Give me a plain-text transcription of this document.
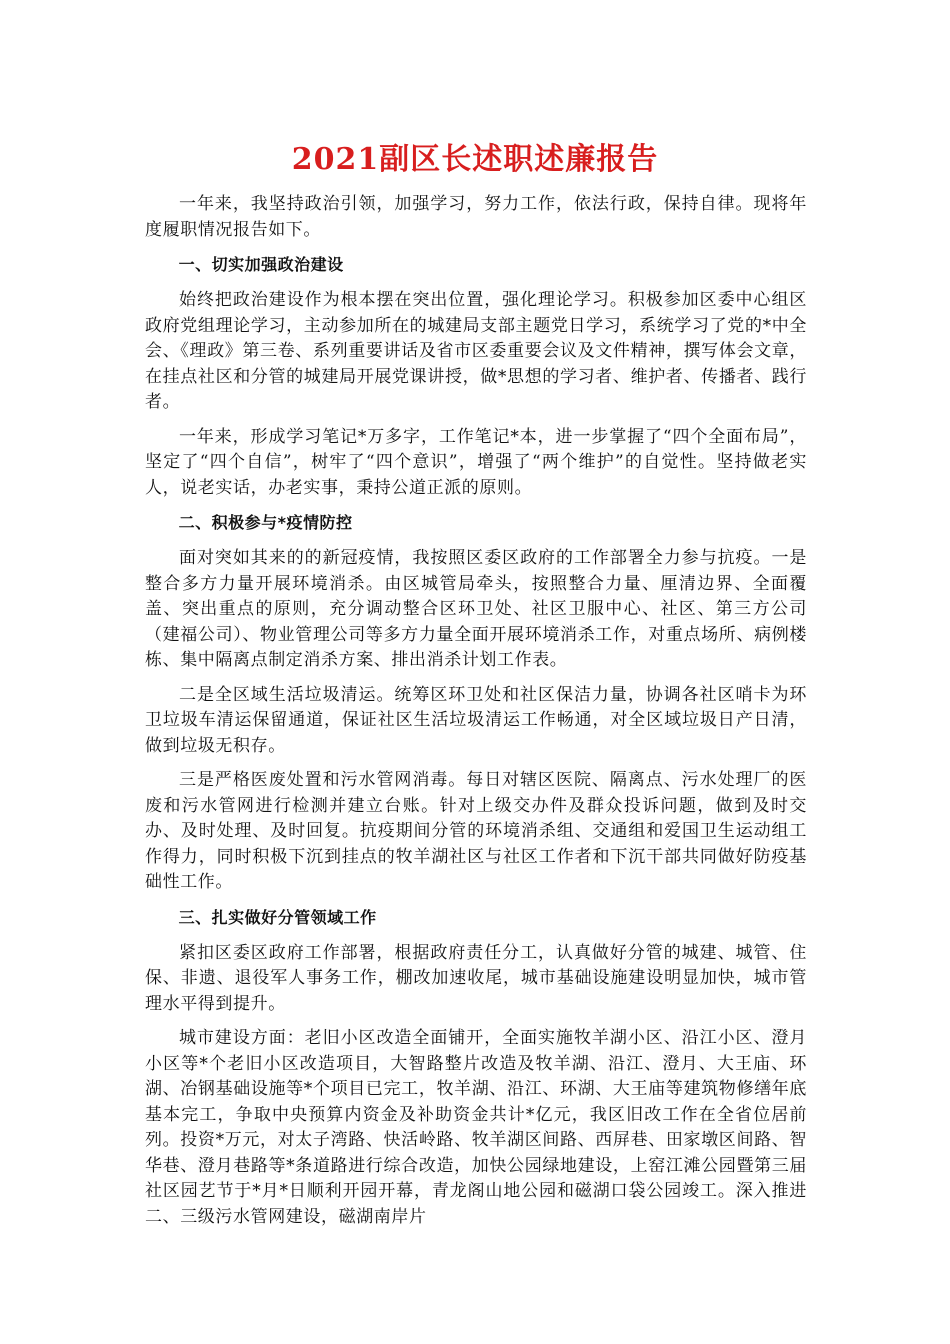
2021副区长述职述廉报告

一年来，我坚持政治引领，加强学习，努力工作，依法行政，保持自律。现将年度履职情况报告如下。

一、切实加强政治建设

始终把政治建设作为根本摆在突出位置，强化理论学习。积极参加区委中心组区政府党组理论学习，主动参加所在的城建局支部主题党日学习，系统学习了党的*中全会、《理政》第三卷、系列重要讲话及省市区委重要会议及文件精神，撰写体会文章，在挂点社区和分管的城建局开展党课讲授，做*思想的学习者、维护者、传播者、践行者。

一年来，形成学习笔记*万多字，工作笔记*本，进一步掌握了“四个全面布局”，坚定了“四个自信”，树牢了“四个意识”，增强了“两个维护”的自觉性。坚持做老实人，说老实话，办老实事，秉持公道正派的原则。

二、积极参与*疫情防控

面对突如其来的的新冠疫情，我按照区委区政府的工作部署全力参与抗疫。一是整合多方力量开展环境消杀。由区城管局牵头，按照整合力量、厘清边界、全面覆盖、突出重点的原则，充分调动整合区环卫处、社区卫服中心、社区、第三方公司（建福公司）、物业管理公司等多方力量全面开展环境消杀工作，对重点场所、病例楼栋、集中隔离点制定消杀方案、排出消杀计划工作表。

二是全区域生活垃圾清运。统筹区环卫处和社区保洁力量，协调各社区哨卡为环卫垃圾车清运保留通道，保证社区生活垃圾清运工作畅通，对全区域垃圾日产日清，做到垃圾无积存。

三是严格医废处置和污水管网消毒。每日对辖区医院、隔离点、污水处理厂的医废和污水管网进行检测并建立台账。针对上级交办件及群众投诉问题，做到及时交办、及时处理、及时回复。抗疫期间分管的环境消杀组、交通组和爱国卫生运动组工作得力，同时积极下沉到挂点的牧羊湖社区与社区工作者和下沉干部共同做好防疫基础性工作。

三、扎实做好分管领域工作

紧扣区委区政府工作部署，根据政府责任分工，认真做好分管的城建、城管、住保、非遗、退役军人事务工作，棚改加速收尾，城市基础设施建设明显加快，城市管理水平得到提升。

城市建设方面：老旧小区改造全面铺开，全面实施牧羊湖小区、沿江小区、澄月小区等*个老旧小区改造项目，大智路整片改造及牧羊湖、沿江、澄月、大王庙、环湖、冶钢基础设施等*个项目已完工，牧羊湖、沿江、环湖、大王庙等建筑物修缮年底基本完工，争取中央预算内资金及补助资金共计*亿元，我区旧改工作在全省位居前列。投资*万元，对太子湾路、快活岭路、牧羊湖区间路、西屏巷、田家墩区间路、智华巷、澄月巷路等*条道路进行综合改造，加快公园绿地建设，上窑江滩公园暨第三届社区园艺节于*月*日顺利开园开幕，青龙阁山地公园和磁湖口袋公园竣工。深入推进二、三级污水管网建设，磁湖南岸片
